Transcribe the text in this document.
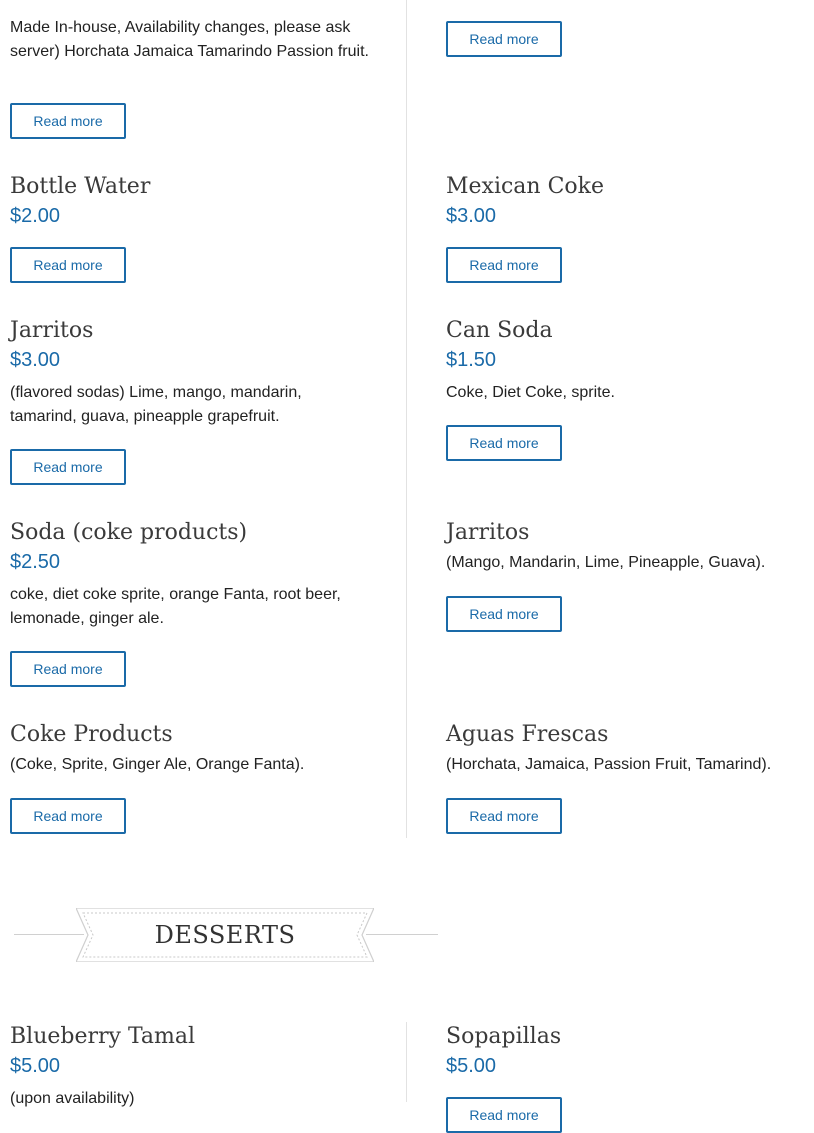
Made In-house, Availability changes, please ask server) Horchata Jamaica Tamarindo Passion fruit.
Read more
Bottle Water
$2.00
Read more
Jarritos
$3.00
(flavored sodas) Lime, mango, mandarin, tamarind, guava, pineapple grapefruit.
Read more
Soda (coke products)
$2.50
coke, diet coke sprite, orange Fanta, root beer, lemonade, ginger ale.
Read more
Coke Products
(Coke, Sprite, Ginger Ale, Orange Fanta).
Read more
Read more
Mexican Coke
$3.00
Read more
Can Soda
$1.50
Coke, Diet Coke, sprite.
Read more
Jarritos
(Mango, Mandarin, Lime, Pineapple, Guava).
Read more
Aguas Frescas
(Horchata, Jamaica, Passion Fruit, Tamarind).
Read more
DESSERTS
Blueberry Tamal
$5.00
(upon availability)
Sopapillas
$5.00
Read more
